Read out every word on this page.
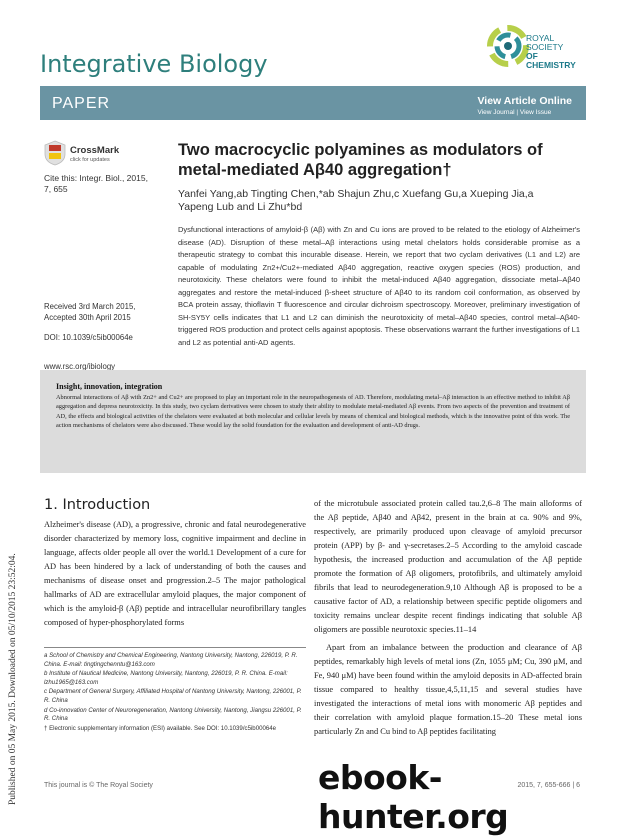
Published on 05 May 2015. Downloaded on 05/10/2015 23:52:04.
Integrative Biology
ROYAL SOCIETY
OF CHEMISTRY
PAPER	View Article Online
View Journal | View Issue
CrossMark
click for updates
Cite this: Integr. Biol., 2015, 7, 655
Received 3rd March 2015,
Accepted 30th April 2015
DOI: 10.1039/c5ib00064e
www.rsc.org/ibiology
Two macrocyclic polyamines as modulators of metal-mediated Aβ40 aggregation†
Yanfei Yang,ab Tingting Chen,*ab Shajun Zhu,c Xuefang Gu,a Xueping Jia,a Yapeng Lub and Li Zhu*bd
Dysfunctional interactions of amyloid-β (Aβ) with Zn and Cu ions are proved to be related to the etiology of Alzheimer's disease (AD). Disruption of these metal–Aβ interactions using metal chelators holds considerable promise as a therapeutic strategy to combat this incurable disease. Herein, we report that two cyclam derivatives (L1 and L2) are capable of modulating Zn2+/Cu2+-mediated Aβ40 aggregation, reactive oxygen species (ROS) production, and neurotoxicity. These chelators were found to inhibit the metal-induced Aβ40 aggregation, dissociate metal–Aβ40 aggregates and restore the metal-induced β-sheet structure of Aβ40 to its random coil conformation, as observed by BCA protein assay, thioflavin T fluorescence and circular dichroism spectroscopy. Moreover, preliminary investigation of SH-SY5Y cells indicates that L1 and L2 can diminish the neurotoxicity of metal–Aβ40 species, control metal–Aβ40-triggered ROS production and protect cells against apoptosis. These observations warrant the further investigations of L1 and L2 as potential anti-AD agents.
Insight, innovation, integration
Abnormal interactions of Aβ with Zn2+ and Cu2+ are proposed to play an important role in the neuropathogenesis of AD. Therefore, modulating metal–Aβ interaction is an effective method to inhibit Aβ aggregation and depress neurotoxicity. In this study, two cyclam derivatives were chosen to study their ability to modulate metal-mediated Aβ events. From two aspects of the prevention and treatment of AD, the effects and biological activities of the chelators were evaluated at both molecular and cellular levels by means of chemical and biological methods, which is the innovative point of this work. The action mechanisms of chelators were also discussed. These would lay the solid foundation for the evaluation and development of anti-AD drugs.
1. Introduction

Alzheimer's disease (AD), a progressive, chronic and fatal neurodegenerative disorder characterized by memory loss, cognitive impairment and decline in language, affects older people all over the world.1 Development of a cure for AD has been hindered by a lack of understanding of both the causes and mechanisms of disease onset and progression.2–5 The major pathological hallmarks of AD are extracellular amyloid plaques, the major component of which is the amyloid-β (Aβ) peptide and intracellular neurofibrillary tangles composed of hyper-phosphorylated forms

of the microtubule associated protein called tau.2,6–8 The main alloforms of the Aβ peptide, Aβ40 and Aβ42, present in the brain at ca. 90% and 9%, respectively, are primarily produced upon cleavage of amyloid precursor protein (APP) by β- and γ-secretases.2–5 According to the amyloid cascade hypothesis, the increased production and accumulation of the Aβ peptide promote the formation of Aβ oligomers, protofibrils, and ultimately amyloid fibrils that lead to neurodegeneration.9,10 Although Aβ is proposed to be a causative factor of AD, a relationship between specific peptide oligomers and toxicity remains unclear despite recent findings indicating that soluble Aβ oligomers are possible neurotoxic species.11–14

Apart from an imbalance between the production and clearance of Aβ peptides, remarkably high levels of metal ions (Zn, 1055 μM; Cu, 390 μM, and Fe, 940 μM) have been found within the amyloid deposits in AD-affected brain tissue compared to healthy tissue,4,5,11,15 and several studies have investigated the interactions of metal ions with monomeric Aβ peptides and their correlation with amyloid plaque formation.15–20 These metal ions particularly Zn and Cu bind to Aβ peptides facilitating

a School of Chemistry and Chemical Engineering, Nantong University, Nantong, 226019, P. R. China. E-mail: tingtingchenntu@163.com
b Institute of Nautical Medicine, Nantong University, Nantong, 226019, P. R. China. E-mail: lzhu1965@163.com
c Department of General Surgery, Affiliated Hospital of Nantong University, Nantong, 226001, P. R. China
d Co-innovation Center of Neuroregeneration, Nantong University, Nantong, Jiangsu 226001, P. R. China
† Electronic supplementary information (ESI) available. See DOI: 10.1039/c5ib00064e
This journal is © The Royal Society	2015, 7, 655-666 | 6
ebook-hunter.org
